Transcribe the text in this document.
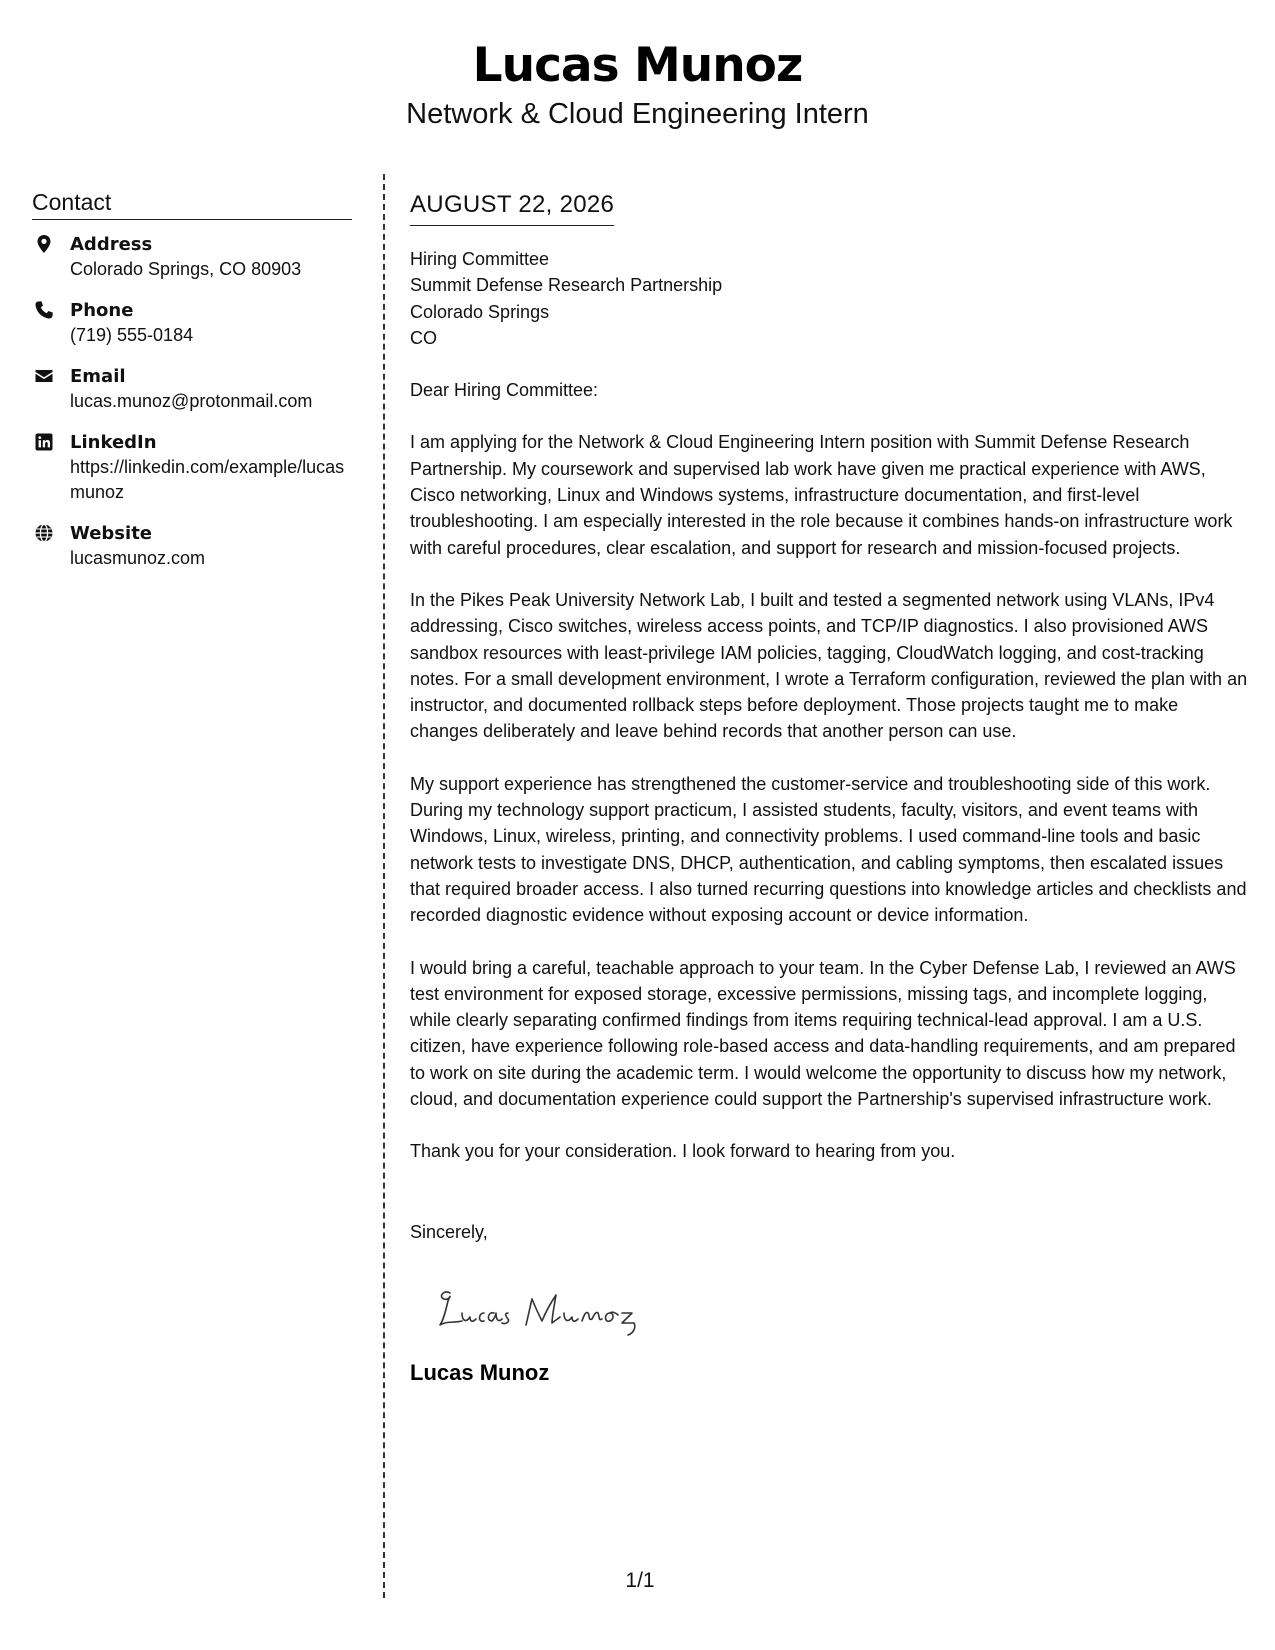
Lucas Munoz
Network & Cloud Engineering Intern
Contact
Address
Colorado Springs, CO 80903
Phone
(719) 555-0184
Email
lucas.munoz@protonmail.com
LinkedIn
https://linkedin.com/example/lucasmunoz
Website
lucasmunoz.com
AUGUST 22, 2026
Hiring Committee
Summit Defense Research Partnership
Colorado Springs
CO
Dear Hiring Committee:
I am applying for the Network & Cloud Engineering Intern position with Summit Defense Research Partnership. My coursework and supervised lab work have given me practical experience with AWS, Cisco networking, Linux and Windows systems, infrastructure documentation, and first-level troubleshooting. I am especially interested in the role because it combines hands-on infrastructure work with careful procedures, clear escalation, and support for research and mission-focused projects.
In the Pikes Peak University Network Lab, I built and tested a segmented network using VLANs, IPv4 addressing, Cisco switches, wireless access points, and TCP/IP diagnostics. I also provisioned AWS sandbox resources with least-privilege IAM policies, tagging, CloudWatch logging, and cost-tracking notes. For a small development environment, I wrote a Terraform configuration, reviewed the plan with an instructor, and documented rollback steps before deployment. Those projects taught me to make changes deliberately and leave behind records that another person can use.
My support experience has strengthened the customer-service and troubleshooting side of this work. During my technology support practicum, I assisted students, faculty, visitors, and event teams with Windows, Linux, wireless, printing, and connectivity problems. I used command-line tools and basic network tests to investigate DNS, DHCP, authentication, and cabling symptoms, then escalated issues that required broader access. I also turned recurring questions into knowledge articles and checklists and recorded diagnostic evidence without exposing account or device information.
I would bring a careful, teachable approach to your team. In the Cyber Defense Lab, I reviewed an AWS test environment for exposed storage, excessive permissions, missing tags, and incomplete logging, while clearly separating confirmed findings from items requiring technical-lead approval. I am a U.S. citizen, have experience following role-based access and data-handling requirements, and am prepared to work on site during the academic term. I would welcome the opportunity to discuss how my network, cloud, and documentation experience could support the Partnership's supervised infrastructure work.
Thank you for your consideration. I look forward to hearing from you.
Sincerely,
Lucas Munoz
1/1
